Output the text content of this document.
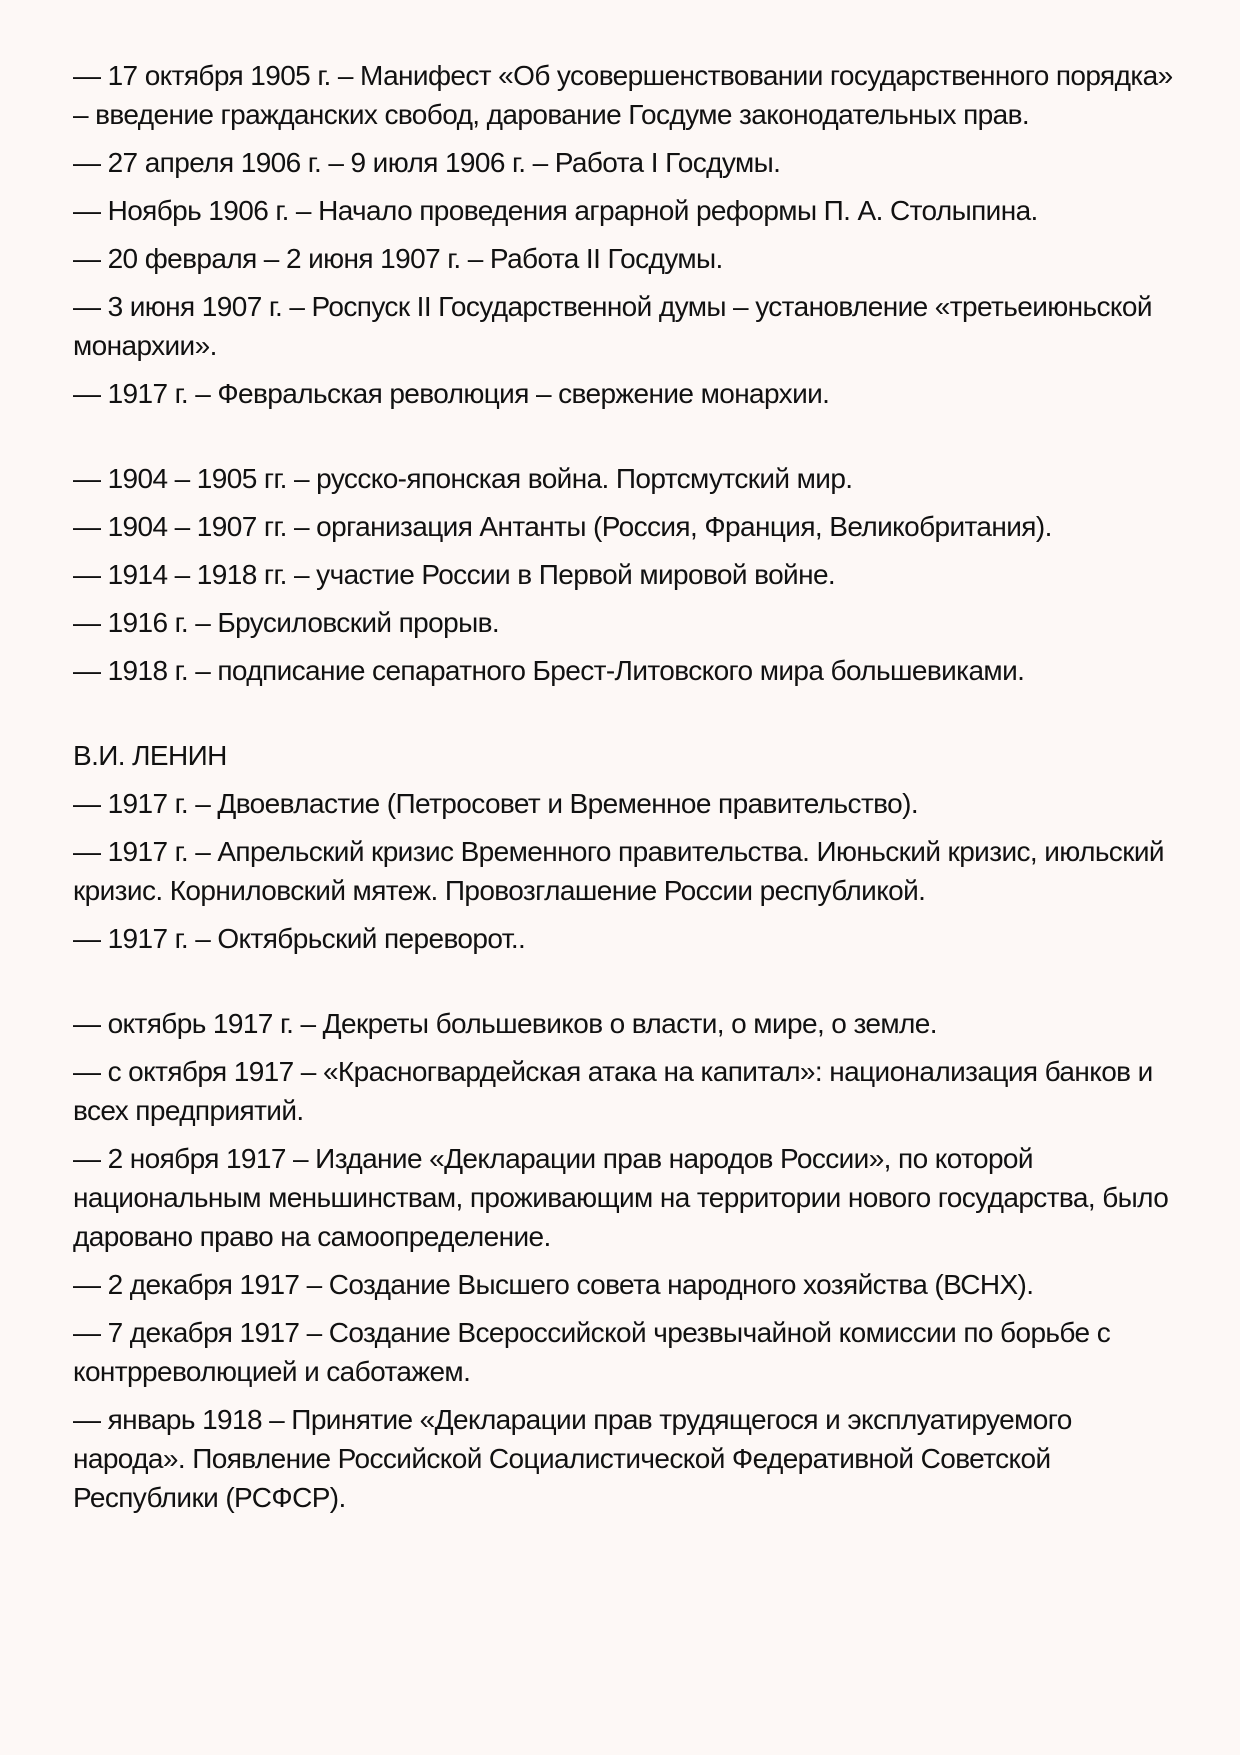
— 17 октября 1905 г. – Манифест «Об усовершенствовании государственного порядка» – введение гражданских свобод, дарование Госдуме законодательных прав.

— 27 апреля 1906 г. – 9 июля 1906 г. – Работа I Госдумы.

— Ноябрь 1906 г. – Начало проведения аграрной реформы П. А. Столыпина.

— 20 февраля – 2 июня 1907 г. – Работа II Госдумы.

— 3 июня 1907 г. – Роспуск II Государственной думы – установление «третьеиюньской монархии».

— 1917 г. – Февральская революция – свержение монархии.

— 1904 – 1905 гг. – русско-японская война. Портсмутский мир.

— 1904 – 1907 гг. – организация Антанты (Россия, Франция, Великобритания).

— 1914 – 1918 гг. – участие России в Первой мировой войне.

— 1916 г. – Брусиловский прорыв.

— 1918 г. – подписание сепаратного Брест-Литовского мира большевиками.

В.И. ЛЕНИН

— 1917 г. – Двоевластие (Петросовет и Временное правительство).

— 1917 г. – Апрельский кризис Временного правительства. Июньский кризис, июльский кризис. Корниловский мятеж. Провозглашение России республикой.

— 1917 г. – Октябрьский переворот..

— октябрь 1917 г. – Декреты большевиков о власти, о мире, о земле.

— с октября 1917 – «Красногвардейская атака на капитал»: национализация банков и всех предприятий.

— 2 ноября 1917 – Издание «Декларации прав народов России», по которой национальным меньшинствам, проживающим на территории нового государства, было даровано право на самоопределение.

— 2 декабря 1917 – Создание Высшего совета народного хозяйства (ВСНХ).

— 7 декабря 1917 – Создание Всероссийской чрезвычайной комиссии по борьбе с контрреволюцией и саботажем.

— январь 1918 – Принятие «Декларации прав трудящегося и эксплуатируемого народа». Появление Российской Социалистической Федеративной Советской Республики (РСФСР).
